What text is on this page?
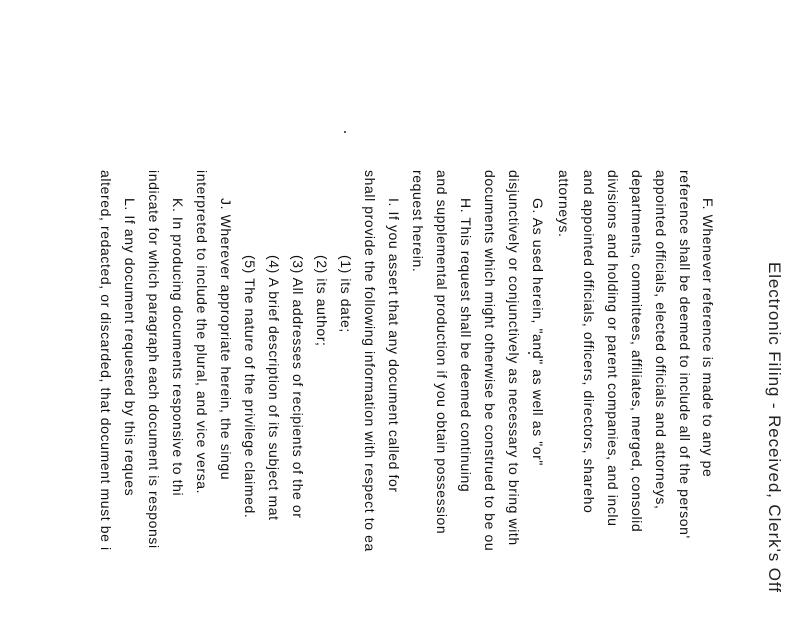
Electronic Filing - Received, Clerk's Off
F. Whenever reference is made to any pe
reference shall be deemed to include all of the person'
appointed officials, elected officials and attorneys,
departments, committees, affiliates, merged, consolid
divisions and holding or parent companies, and inclu
and appointed officials, officers, directors, shareho
attorneys.
G. As used herein, "and" as well as "or"
disjunctively or conjunctively as necessary to bring with
documents which might otherwise be construed to be ou
H. This request shall be deemed continuing
and supplemental production if you obtain possession
request herein.
I. If you assert that any document called for
shall provide the following information with respect to ea
(1) its date;
(2) its author;
(3) All addresses of recipients of the or
(4) A brief description of its subject mat
(5) The nature of the privilege claimed.
J. Wherever appropriate herein, the singu
interpreted to include the plural, and vice versa.
K. In producing documents responsive to thi
indicate for which paragraph each document is responsi
L. If any document requested by this reques
altered, redacted, or discarded, that document must be i
